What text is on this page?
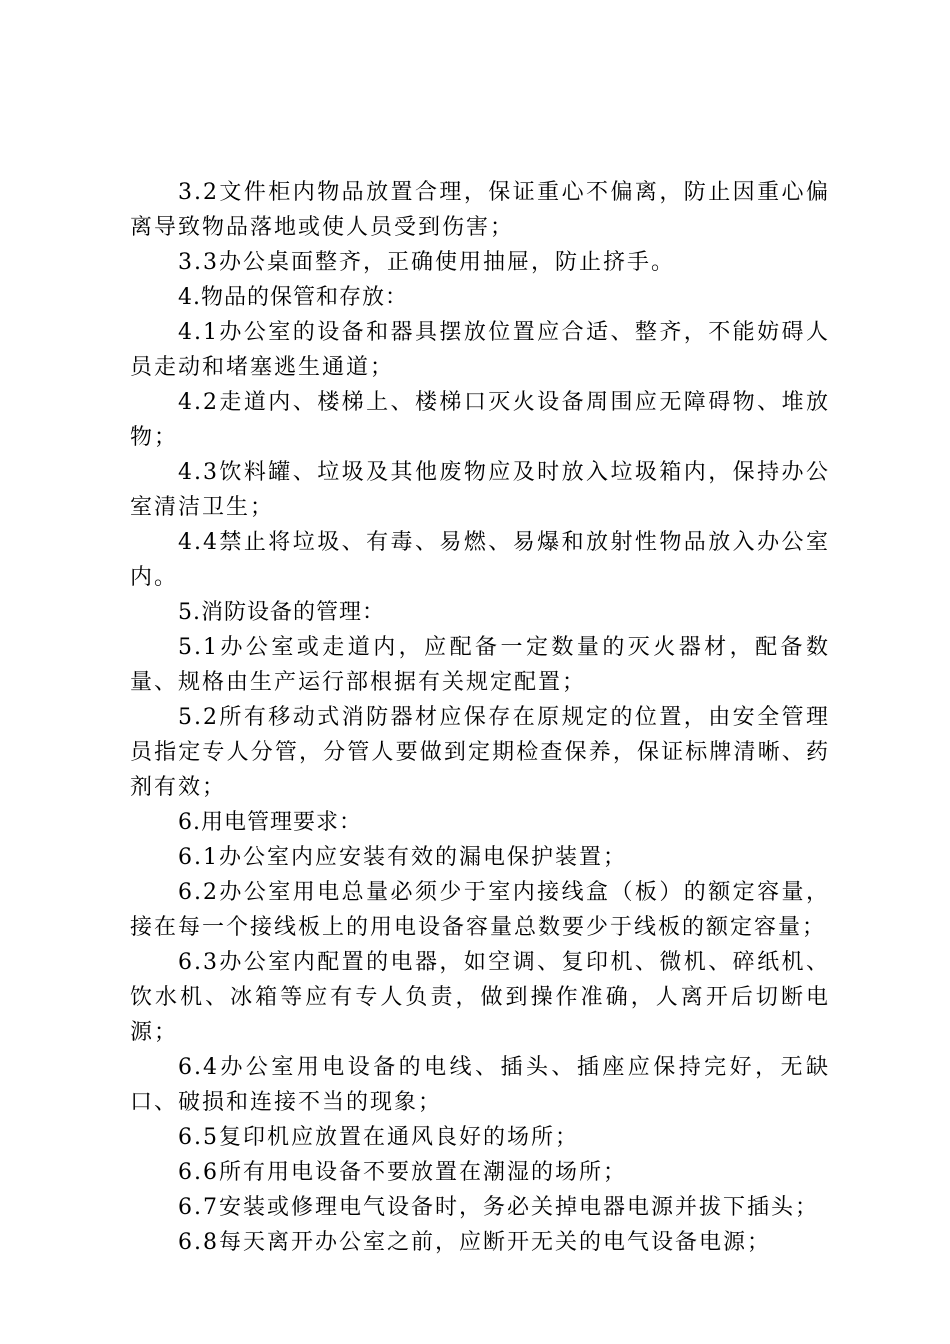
3.2文件柜内物品放置合理，保证重心不偏离，防止因重心偏离导致物品落地或使人员受到伤害；

3.3办公桌面整齐，正确使用抽屉，防止挤手。

4.物品的保管和存放：

4.1办公室的设备和器具摆放位置应合适、整齐，不能妨碍人员走动和堵塞逃生通道；

4.2走道内、楼梯上、楼梯口灭火设备周围应无障碍物、堆放物；

4.3饮料罐、垃圾及其他废物应及时放入垃圾箱内，保持办公室清洁卫生；

4.4禁止将垃圾、有毒、易燃、易爆和放射性物品放入办公室内。

5.消防设备的管理：

5.1办公室或走道内，应配备一定数量的灭火器材，配备数量、规格由生产运行部根据有关规定配置；

5.2所有移动式消防器材应保存在原规定的位置，由安全管理员指定专人分管，分管人要做到定期检查保养，保证标牌清晰、药剂有效；

6.用电管理要求：

6.1办公室内应安装有效的漏电保护装置；

6.2办公室用电总量必须少于室内接线盒（板）的额定容量，接在每一个接线板上的用电设备容量总数要少于线板的额定容量；

6.3办公室内配置的电器，如空调、复印机、微机、碎纸机、饮水机、冰箱等应有专人负责，做到操作准确，人离开后切断电源；

6.4办公室用电设备的电线、插头、插座应保持完好，无缺口、破损和连接不当的现象；

6.5复印机应放置在通风良好的场所；

6.6所有用电设备不要放置在潮湿的场所；

6.7安装或修理电气设备时，务必关掉电器电源并拔下插头；

6.8每天离开办公室之前，应断开无关的电气设备电源；
